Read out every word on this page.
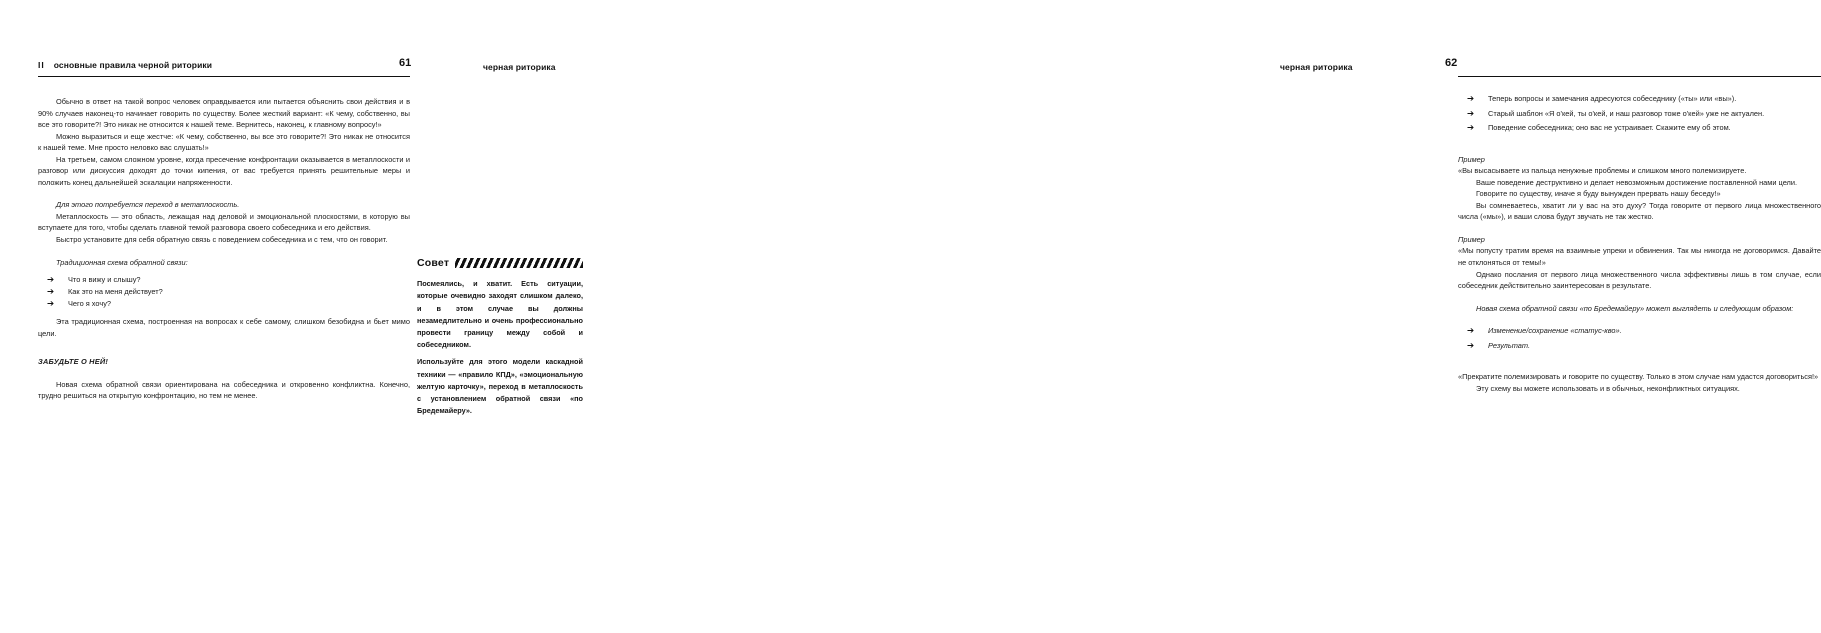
II основные правила черной риторики	61	черная риторика

Обычно в ответ на такой вопрос человек оправдывается или пытается объяснить свои действия и в 90% случаев наконец-то начинает говорить по существу. Более жесткий вариант: «К чему, собственно, вы все это говорите?! Это никак не относится к нашей теме. Вернитесь, наконец, к главному вопросу!»

Можно выразиться и еще жестче: «К чему, собственно, вы все это говорите?! Это никак не относится к нашей теме. Мне просто неловко вас слушать!»

На третьем, самом сложном уровне, когда пресечение конфронтации оказывается в метаплоскости и разговор или дискуссия доходят до точки кипения, от вас требуется принять решительные меры и положить конец дальнейшей эскалации напряженности.

Для этого потребуется переход в метаплоскость.

Метаплоскость — это область, лежащая над деловой и эмоциональной плоскостями, в которую вы вступаете для того, чтобы сделать главной темой разговора своего собеседника и его действия.

Быстро установите для себя обратную связь с поведением собеседника и с тем, что он говорит.

Традиционная схема обратной связи:

➔ Что я вижу и слышу?
➔ Как это на меня действует?
➔ Чего я хочу?

Эта традиционная схема, построенная на вопросах к себе самому, слишком безобидна и бьет мимо цели.

ЗАБУДЬТЕ О НЕЙ!

Новая схема обратной связи ориентирована на собеседника и откровенно конфликтна. Конечно, трудно решиться на открытую конфронтацию, но тем не менее.

Совет

Посмеялись, и хватит. Есть ситуации, которые очевидно заходят слишком далеко, и в этом случае вы должны незамедлительно и очень профессионально провести границу между собой и собеседником.

Используйте для этого модели каскадной техники — «правило КПД», «эмоциональную желтую карточку», переход в метаплоскость с установлением обратной связи «по Бредемайеру».

черная риторика	62
➔ Теперь вопросы и замечания адресуются собеседнику («ты» или «вы»).
➔ Старый шаблон «Я о'кей, ты о'кей, и наш разговор тоже о'кей» уже не актуален.
➔ Поведение собеседника; оно вас не устраивает. Скажите ему об этом.

Пример

«Вы высасываете из пальца ненужные проблемы и слишком много полемизируете.

Ваше поведение деструктивно и делает невозможным достижение поставленной нами цели.

Говорите по существу, иначе я буду вынужден прервать нашу беседу!»

Вы сомневаетесь, хватит ли у вас на это духу? Тогда говорите от первого лица множественного числа («мы»), и ваши слова будут звучать не так жестко.

Пример

«Мы попусту тратим время на взаимные упреки и обвинения. Так мы никогда не договоримся. Давайте не отклоняться от темы!»

Однако послания от первого лица множественного числа эффективны лишь в том случае, если собеседник действительно заинтересован в результате.

Новая схема обратной связи «по Бредемайеру» может выглядеть и следующим образом:

➔ Изменение/сохранение «статус-кво».
➔ Результат.

«Прекратите полемизировать и говорите по существу. Только в этом случае нам удастся договориться!»

Эту схему вы можете использовать и в обычных, неконфликтных ситуациях.
